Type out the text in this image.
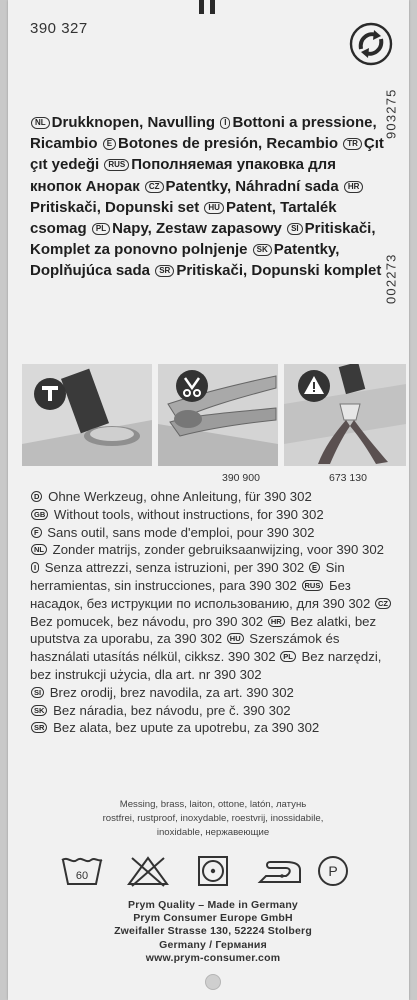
390 327
002273
903275
NL Drukknopen, Navulling I Bottoni a pressione, Ricambio E Botones de presión, Recambio TR Çıt çıt yedeği RUS Пополняемая упаковка для кнопок Анорак CZ Patentky, Náhradní sada HRPritiskači, Dopunski set HU Patent, Tartalék csomag PL Napy, Zestaw zapasowy SI Pritiskači, Komplet za ponovno polnjenje SK Patentky, Doplňujúca sada SR Pritiskači, Dopunski komplet
390 900	673 130
D Ohne Werkzeug, ohne Anleitung, für 390 302
GB Without tools, without instructions, for 390 302
F Sans outil, sans mode d'emploi, pour 390 302
NL Zonder matrijs, zonder gebruiksaanwijzing, voor 390 302 I Senza attrezzi, senza istruzioni, per 390 302 E Sin herramientas, sin instrucciones, para 390 302 RUS Без насадок, без иструкции по использованию, для 390 302 CZ Bez pomucek, bez návodu, pro 390 302 HR Bez alatki, bez uputstva za uporabu, za 390 302 HU Szerszámok és használati utasítás nélkül, cikksz. 390 302 PL Bez narzędzi, bez instrukcji użycia, dla art. nr 390 302
SI Brez orodij, brez navodila, za art. 390 302
SK Bez náradia, bez návodu, pre č. 390 302
SR Bez alata, bez upute za upotrebu, za 390 302
Messing, brass, laiton, ottone, latón, латунь
rostfrei, rustproof, inoxydable, roestvrij, inossidabile,
inoxidable, нержавеющие
60	P
Prym Quality – Made in Germany
Prym Consumer Europe GmbH
Zweifaller Strasse 130, 52224 Stolberg
Germany / Германия
www.prym-consumer.com
